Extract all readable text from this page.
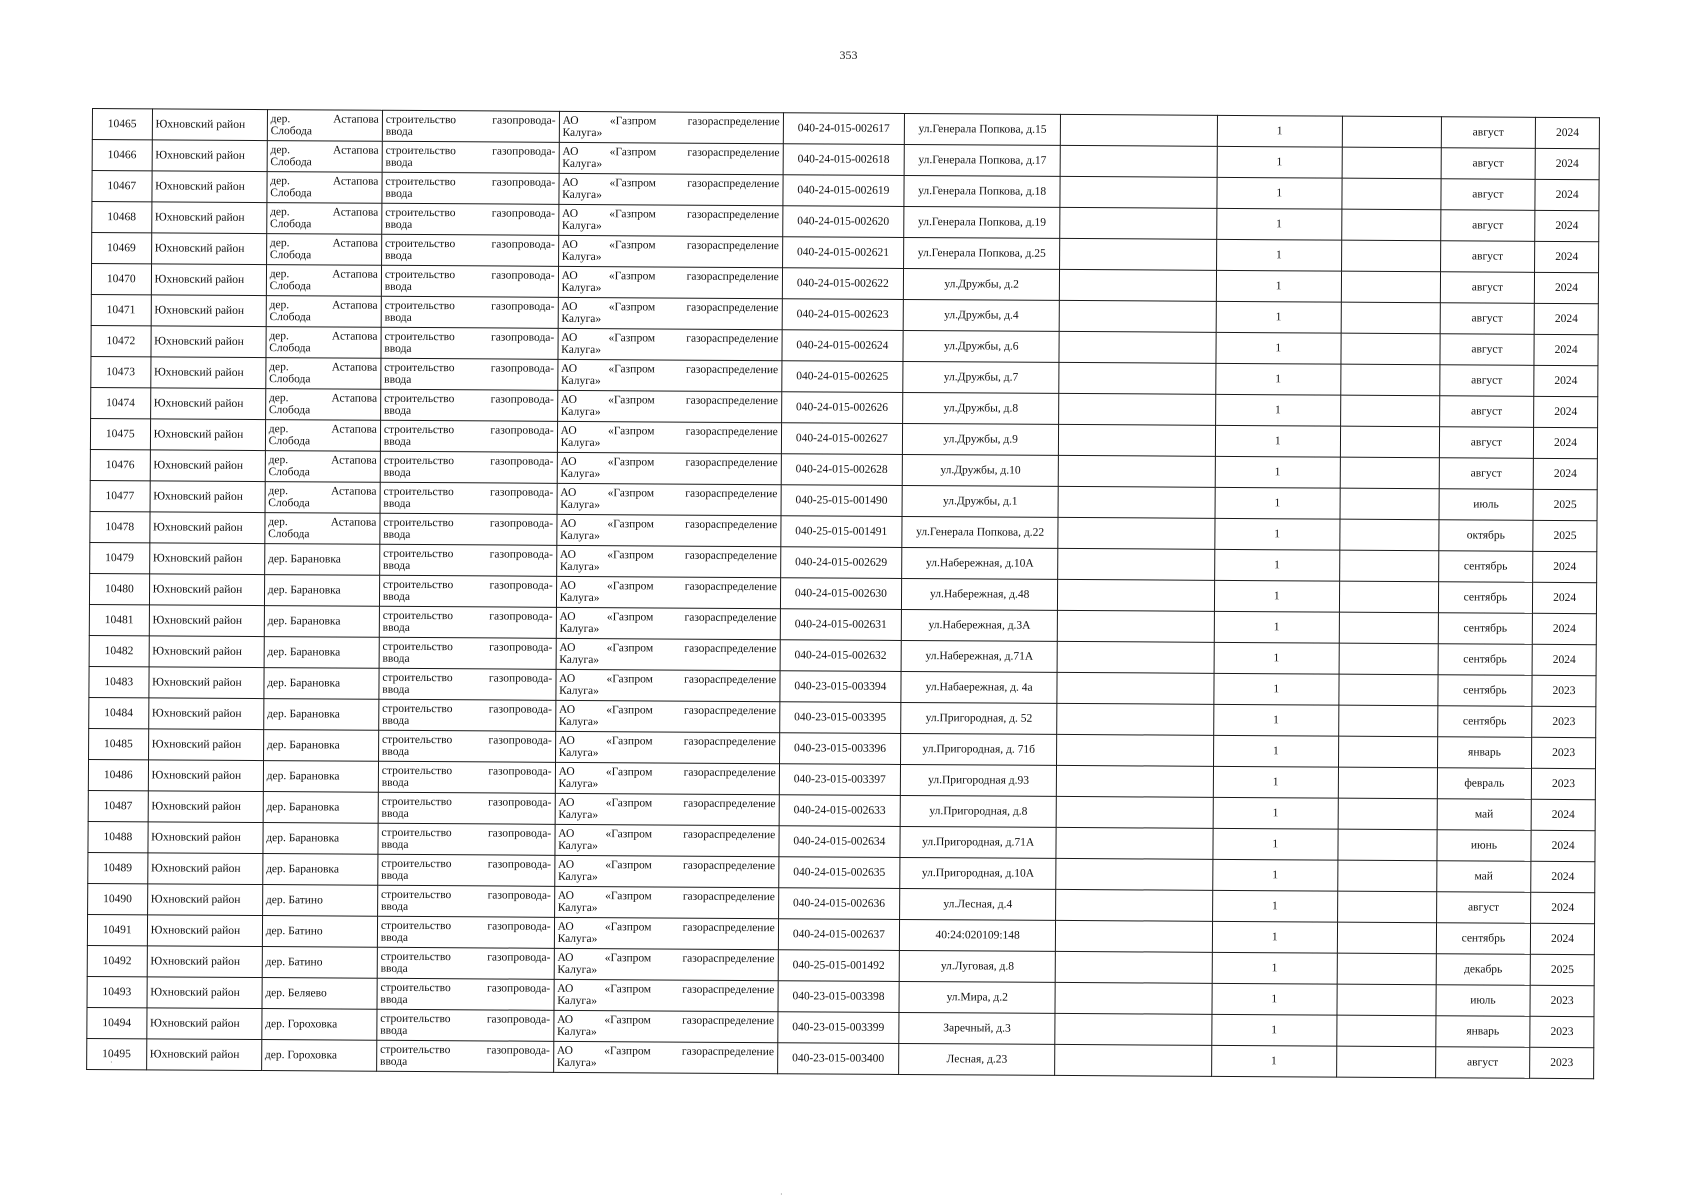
353
10465	Юхновский район	дер. Астапова Слобода	строительство газопровода-
ввода	АО «Газпром газораспределение
Калуга»	040-24-015-002617	ул.Генерала Попкова, д.15		1		август	2024
10466	Юхновский район	дер. Астапова Слобода	строительство газопровода-
ввода	АО «Газпром газораспределение
Калуга»	040-24-015-002618	ул.Генерала Попкова, д.17		1		август	2024
10467	Юхновский район	дер. Астапова Слобода	строительство газопровода-
ввода	АО «Газпром газораспределение
Калуга»	040-24-015-002619	ул.Генерала Попкова, д.18		1		август	2024
10468	Юхновский район	дер. Астапова Слобода	строительство газопровода-
ввода	АО «Газпром газораспределение
Калуга»	040-24-015-002620	ул.Генерала Попкова, д.19		1		август	2024
10469	Юхновский район	дер. Астапова Слобода	строительство газопровода-
ввода	АО «Газпром газораспределение
Калуга»	040-24-015-002621	ул.Генерала Попкова, д.25		1		август	2024
10470	Юхновский район	дер. Астапова Слобода	строительство газопровода-
ввода	АО «Газпром газораспределение
Калуга»	040-24-015-002622	ул.Дружбы, д.2		1		август	2024
10471	Юхновский район	дер. Астапова Слобода	строительство газопровода-
ввода	АО «Газпром газораспределение
Калуга»	040-24-015-002623	ул.Дружбы, д.4		1		август	2024
10472	Юхновский район	дер. Астапова Слобода	строительство газопровода-
ввода	АО «Газпром газораспределение
Калуга»	040-24-015-002624	ул.Дружбы, д.6		1		август	2024
10473	Юхновский район	дер. Астапова Слобода	строительство газопровода-
ввода	АО «Газпром газораспределение
Калуга»	040-24-015-002625	ул.Дружбы, д.7		1		август	2024
10474	Юхновский район	дер. Астапова Слобода	строительство газопровода-
ввода	АО «Газпром газораспределение
Калуга»	040-24-015-002626	ул.Дружбы, д.8		1		август	2024
10475	Юхновский район	дер. Астапова Слобода	строительство газопровода-
ввода	АО «Газпром газораспределение
Калуга»	040-24-015-002627	ул.Дружбы, д.9		1		август	2024
10476	Юхновский район	дер. Астапова Слобода	строительство газопровода-
ввода	АО «Газпром газораспределение
Калуга»	040-24-015-002628	ул.Дружбы, д.10		1		август	2024
10477	Юхновский район	дер. Астапова Слобода	строительство газопровода-
ввода	АО «Газпром газораспределение
Калуга»	040-25-015-001490	ул.Дружбы, д.1		1		июль	2025
10478	Юхновский район	дер. Астапова Слобода	строительство газопровода-
ввода	АО «Газпром газораспределение
Калуга»	040-25-015-001491	ул.Генерала Попкова, д.22		1		октябрь	2025
10479	Юхновский район	дер. Барановка	строительство газопровода-
ввода	АО «Газпром газораспределение
Калуга»	040-24-015-002629	ул.Набережная, д.10А		1		сентябрь	2024
10480	Юхновский район	дер. Барановка	строительство газопровода-
ввода	АО «Газпром газораспределение
Калуга»	040-24-015-002630	ул.Набережная, д.48		1		сентябрь	2024
10481	Юхновский район	дер. Барановка	строительство газопровода-
ввода	АО «Газпром газораспределение
Калуга»	040-24-015-002631	ул.Набережная, д.3А		1		сентябрь	2024
10482	Юхновский район	дер. Барановка	строительство газопровода-
ввода	АО «Газпром газораспределение
Калуга»	040-24-015-002632	ул.Набережная, д.71А		1		сентябрь	2024
10483	Юхновский район	дер. Барановка	строительство газопровода-
ввода	АО «Газпром газораспределение
Калуга»	040-23-015-003394	ул.Набаережная, д. 4а		1		сентябрь	2023
10484	Юхновский район	дер. Барановка	строительство газопровода-
ввода	АО «Газпром газораспределение
Калуга»	040-23-015-003395	ул.Пригородная, д. 52		1		сентябрь	2023
10485	Юхновский район	дер. Барановка	строительство газопровода-
ввода	АО «Газпром газораспределение
Калуга»	040-23-015-003396	ул.Пригородная, д. 71б		1		январь	2023
10486	Юхновский район	дер. Барановка	строительство газопровода-
ввода	АО «Газпром газораспределение
Калуга»	040-23-015-003397	ул.Пригородная д.93		1		февраль	2023
10487	Юхновский район	дер. Барановка	строительство газопровода-
ввода	АО «Газпром газораспределение
Калуга»	040-24-015-002633	ул.Пригородная, д.8		1		май	2024
10488	Юхновский район	дер. Барановка	строительство газопровода-
ввода	АО «Газпром газораспределение
Калуга»	040-24-015-002634	ул.Пригородная, д.71А		1		июнь	2024
10489	Юхновский район	дер. Барановка	строительство газопровода-
ввода	АО «Газпром газораспределение
Калуга»	040-24-015-002635	ул.Пригородная, д.10А		1		май	2024
10490	Юхновский район	дер. Батино	строительство газопровода-
ввода	АО «Газпром газораспределение
Калуга»	040-24-015-002636	ул.Лесная, д.4		1		август	2024
10491	Юхновский район	дер. Батино	строительство газопровода-
ввода	АО «Газпром газораспределение
Калуга»	040-24-015-002637	40:24:020109:148		1		сентябрь	2024
10492	Юхновский район	дер. Батино	строительство газопровода-
ввода	АО «Газпром газораспределение
Калуга»	040-25-015-001492	ул.Луговая, д.8		1		декабрь	2025
10493	Юхновский район	дер. Беляево	строительство газопровода-
ввода	АО «Газпром газораспределение
Калуга»	040-23-015-003398	ул.Мира, д.2		1		июль	2023
10494	Юхновский район	дер. Гороховка	строительство газопровода-
ввода	АО «Газпром газораспределение
Калуга»	040-23-015-003399	Заречный, д.3		1		январь	2023
10495	Юхновский район	дер. Гороховка	строительство газопровода-
ввода	АО «Газпром газораспределение
Калуга»	040-23-015-003400	Лесная, д.23		1		август	2023
·
·
